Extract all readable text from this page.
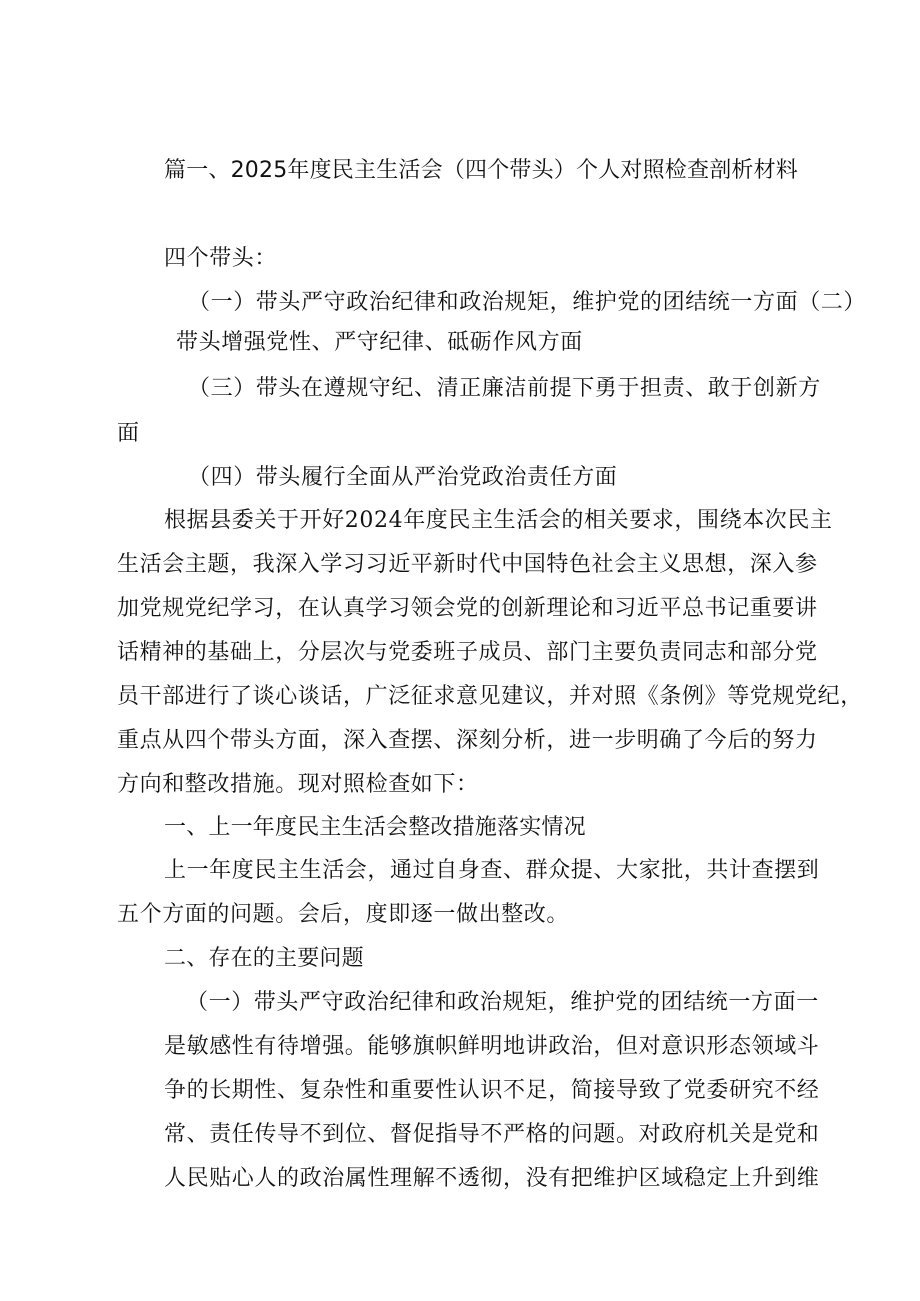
篇一、2025年度民主生活会（四个带头）个人对照检查剖析材料
四个带头：
（一）带头严守政治纪律和政治规矩，维护党的团结统一方面（二）
带头增强党性、严守纪律、砥砺作风方面
（三）带头在遵规守纪、清正廉洁前提下勇于担责、敢于创新方
面
（四）带头履行全面从严治党政治责任方面
根据县委关于开好2024年度民主生活会的相关要求，围绕本次民主
生活会主题，我深入学习习近平新时代中国特色社会主义思想，深入参
加党规党纪学习，在认真学习领会党的创新理论和习近平总书记重要讲
话精神的基础上，分层次与党委班子成员、部门主要负责同志和部分党
员干部进行了谈心谈话，广泛征求意见建议，并对照《条例》等党规党纪，
重点从四个带头方面，深入查摆、深刻分析，进一步明确了今后的努力
方向和整改措施。现对照检查如下：
一、上一年度民主生活会整改措施落实情况
上一年度民主生活会，通过自身查、群众提、大家批，共计查摆到
五个方面的问题。会后，度即逐一做出整改。
二、存在的主要问题
（一）带头严守政治纪律和政治规矩，维护党的团结统一方面一
是敏感性有待增强。能够旗帜鲜明地讲政治，但对意识形态领域斗
争的长期性、复杂性和重要性认识不足，简接导致了党委研究不经
常、责任传导不到位、督促指导不严格的问题。对政府机关是党和
人民贴心人的政治属性理解不透彻，没有把维护区域稳定上升到维
